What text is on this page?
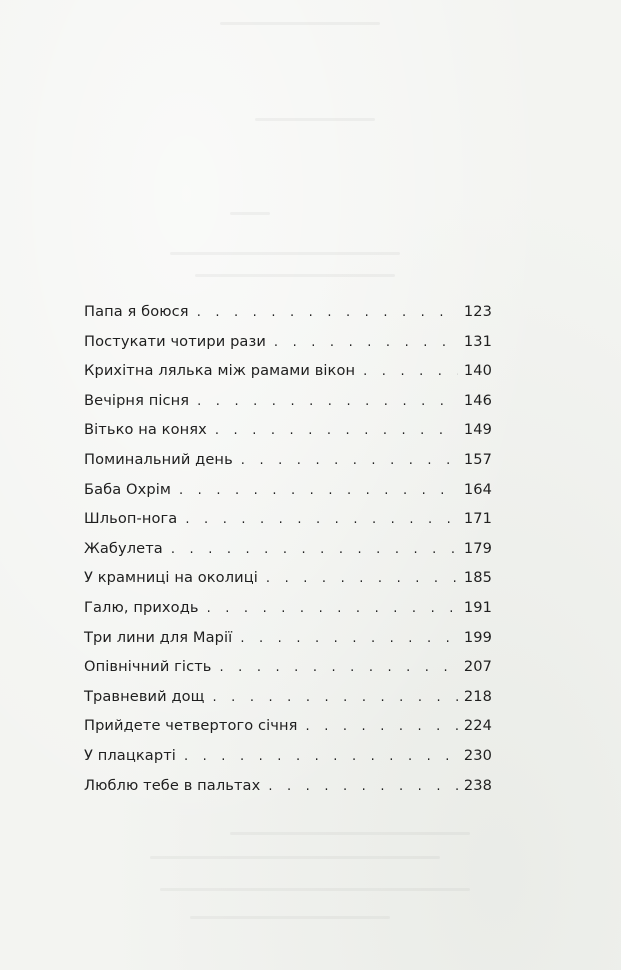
Папа я боюся . . .	123
Постукати чотири рази . . .	131
Крихітна лялька між рамами вікон . . .	140
Вечірня пісня . . .	146
Вітько на конях . . .	149
Поминальний день . . .	157
Баба Охрім . . .	164
Шльоп-нога . . .	171
Жабулета . . .	179
У крамниці на околиці . . .	185
Галю, приходь . . .	191
Три лини для Марії . . .	199
Опівнічний гість . . .	207
Травневий дощ . . .	218
Прийдете четвертого січня . . .	224
У плацкарті . . .	230
Люблю тебе в пальтах . . .	238
